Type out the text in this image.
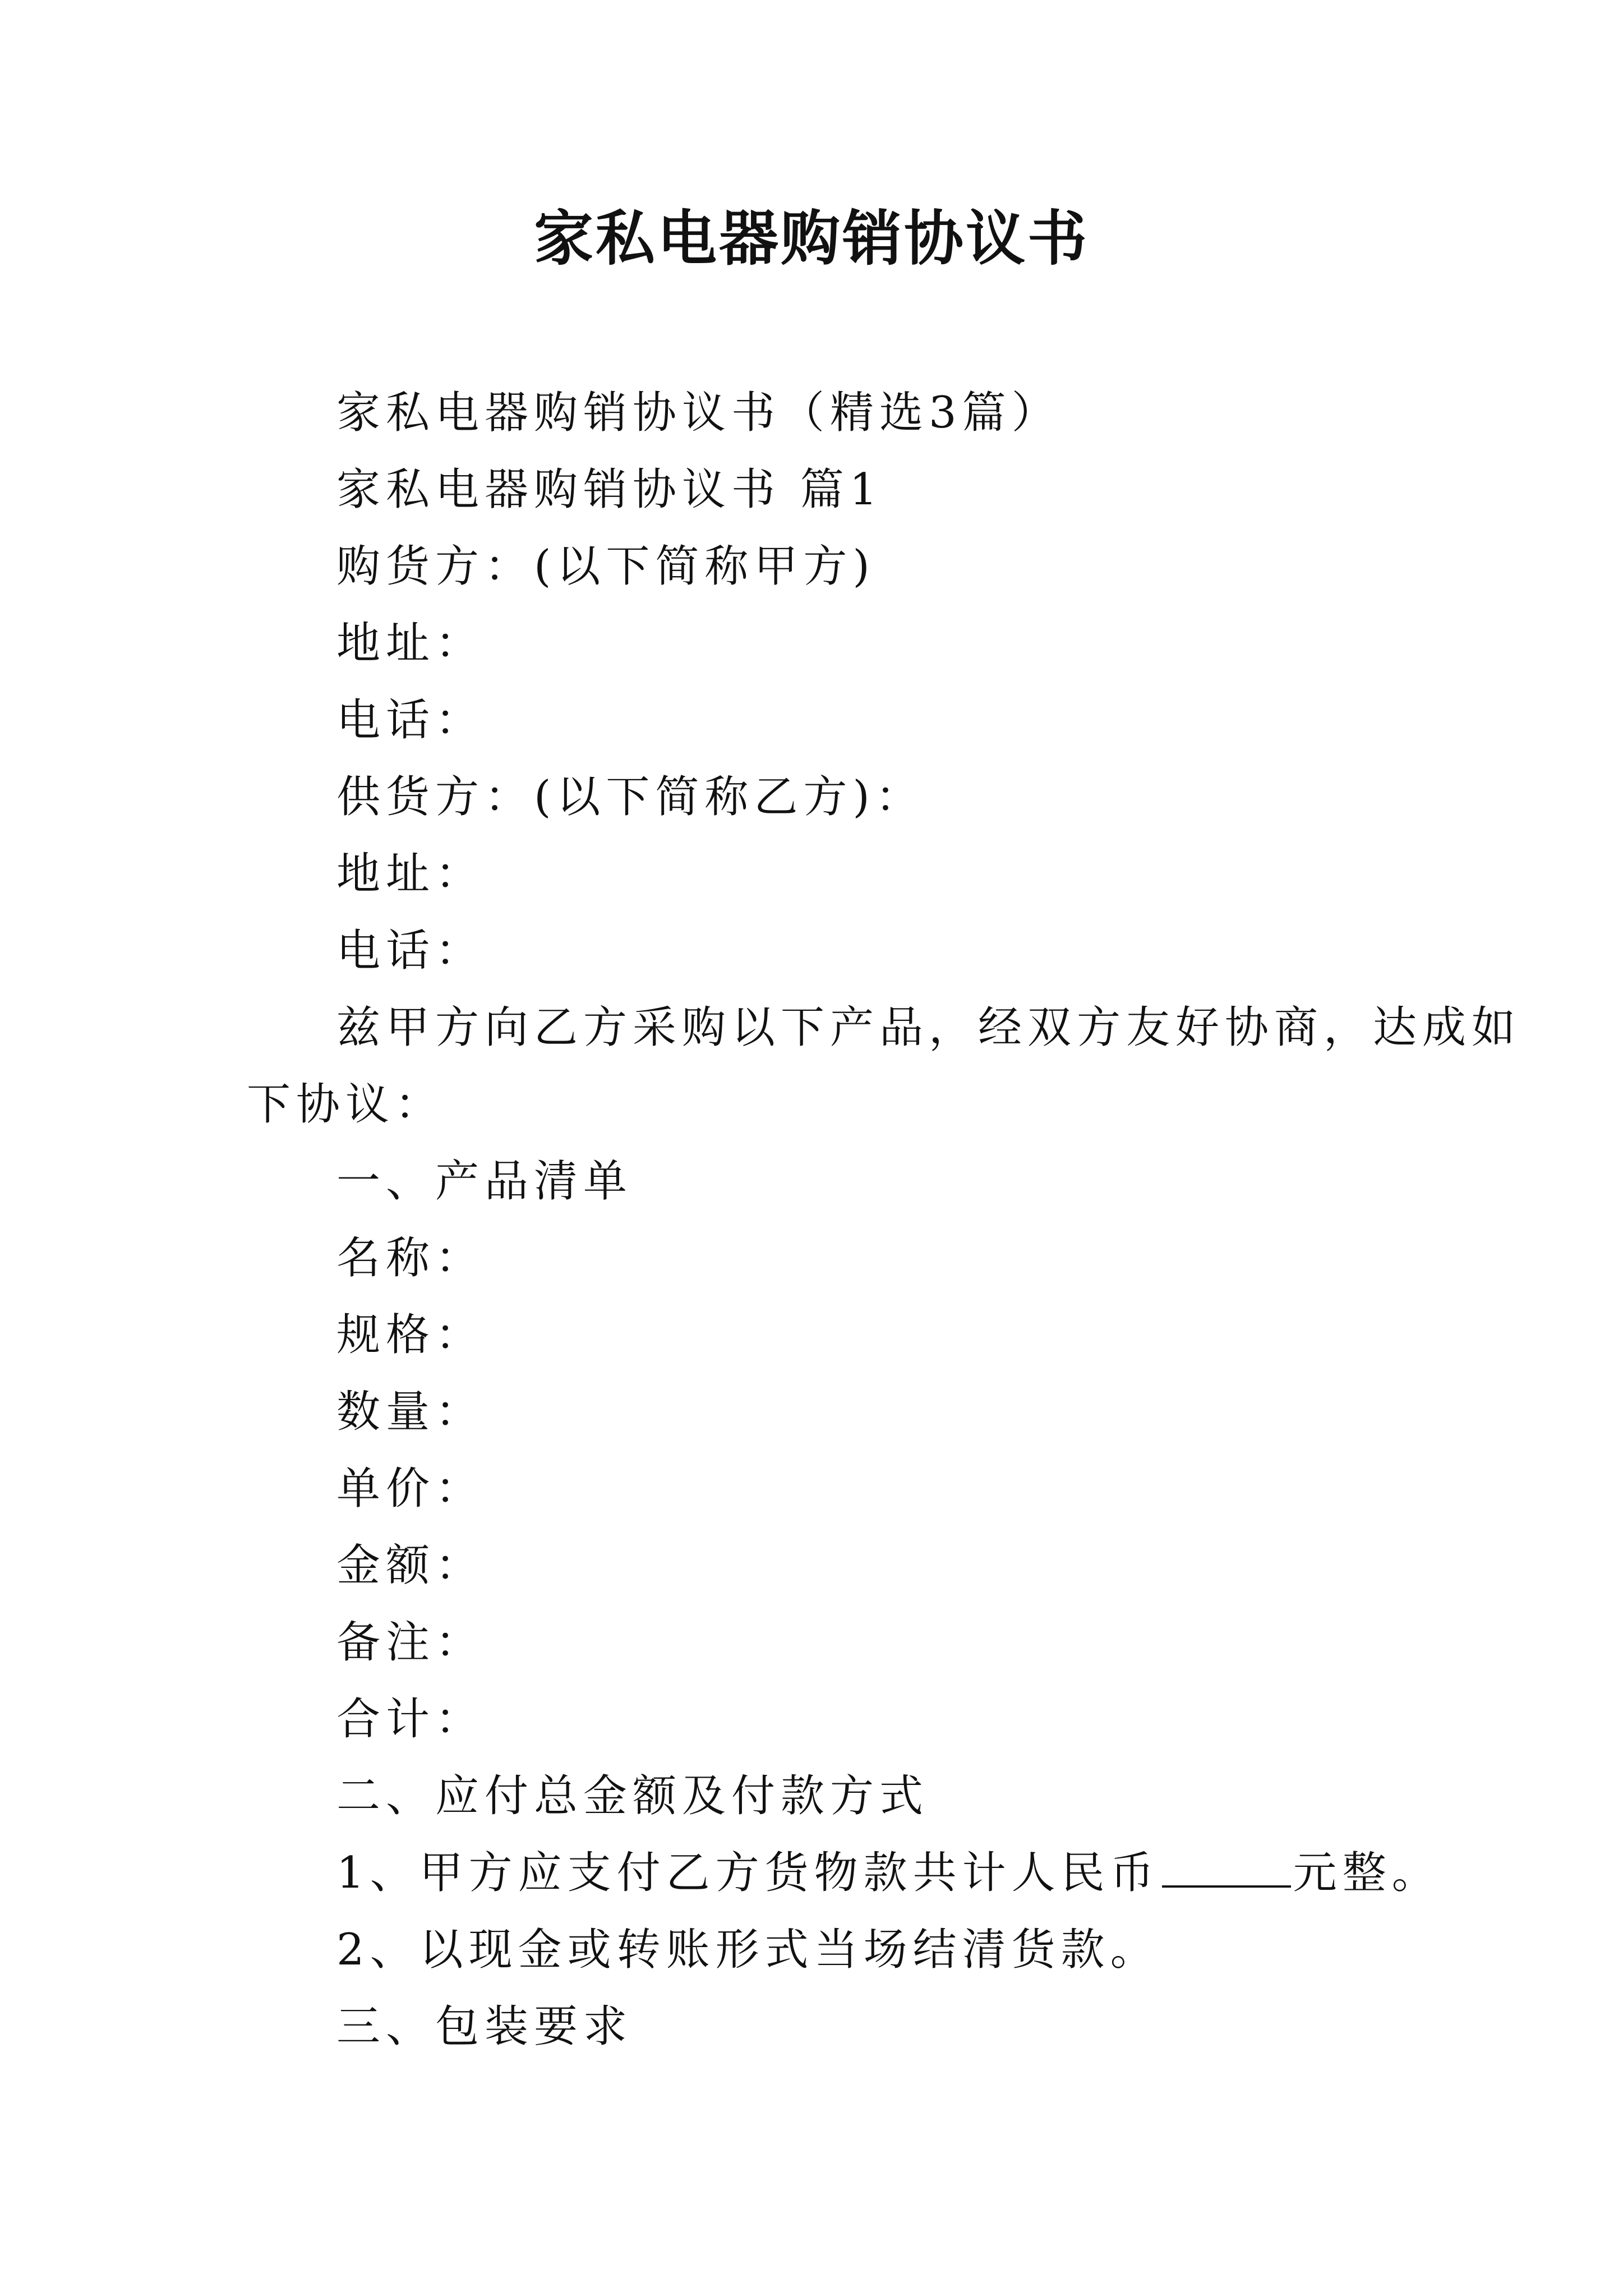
家私电器购销协议书

家私电器购销协议书（精选3篇）

家私电器购销协议书 篇1

购货方：(以下简称甲方)

地址：

电话：

供货方：(以下简称乙方)：

地址：

电话：

兹甲方向乙方采购以下产品，经双方友好协商，达成如

下协议：

一、产品清单

名称：

规格：

数量：

单价：

金额：

备注：

合计：

二、应付总金额及付款方式

1、甲方应支付乙方货物款共计人民币	元整。

2、以现金或转账形式当场结清货款。

三、包装要求
